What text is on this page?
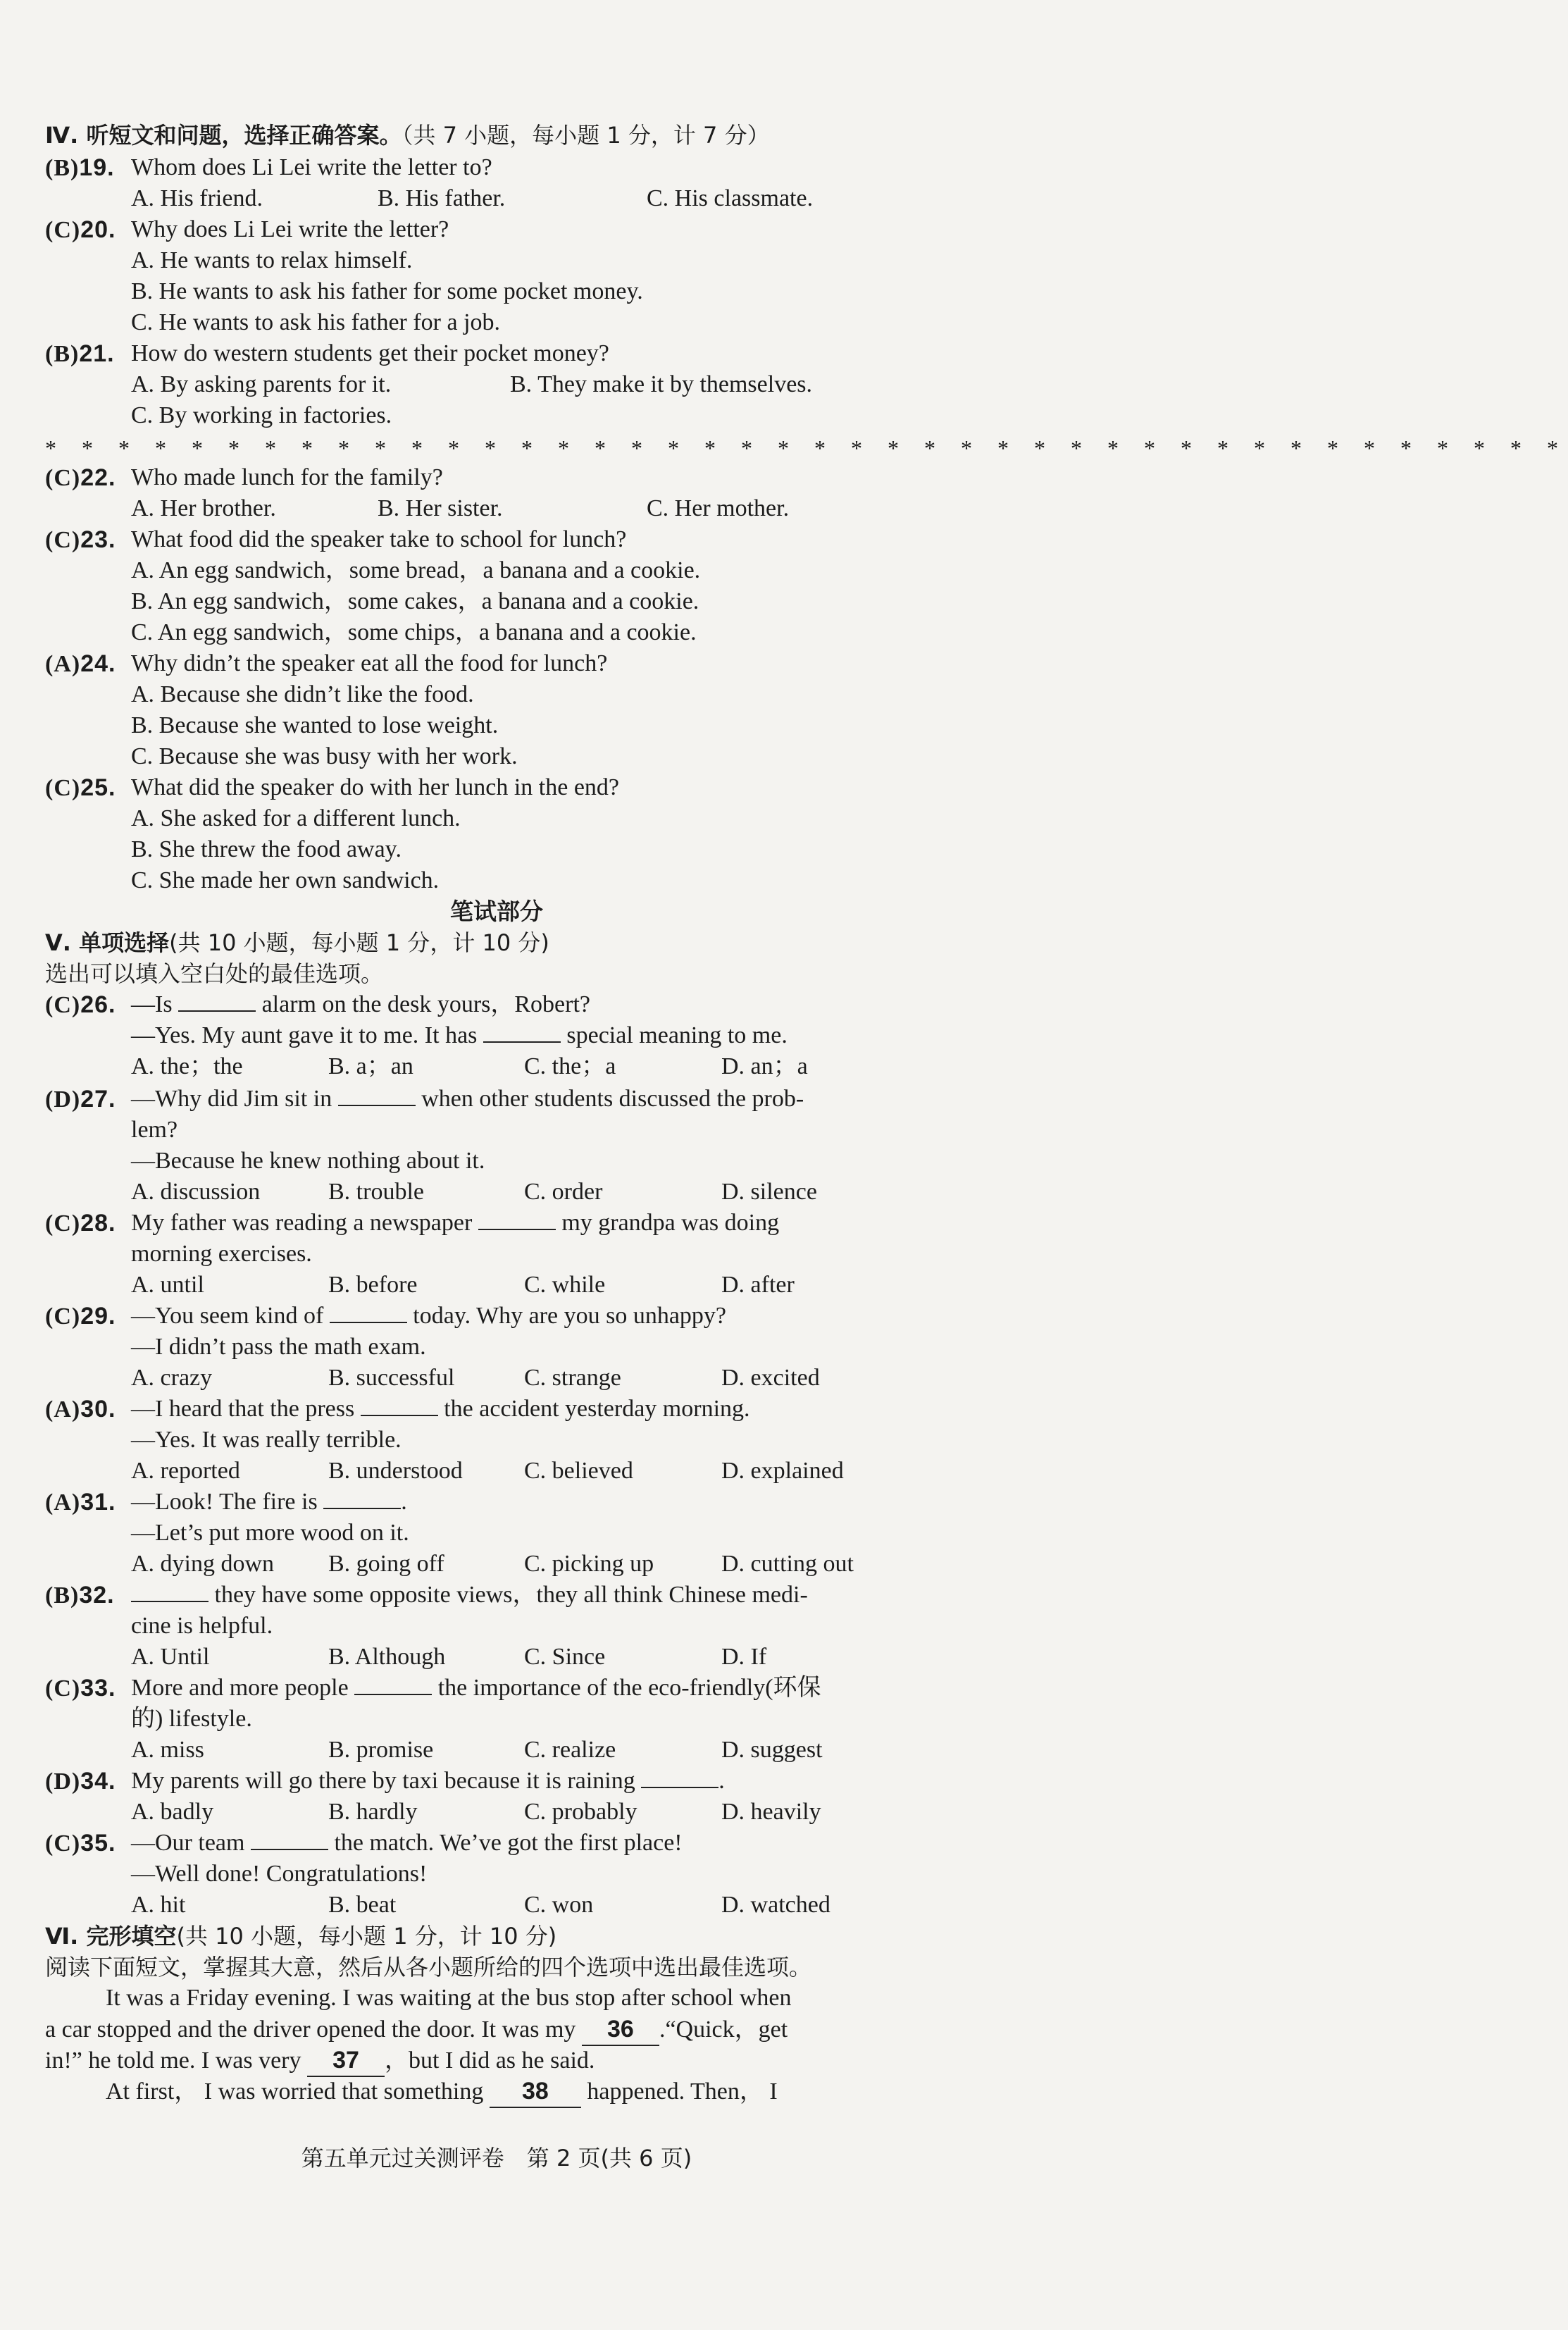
Ⅳ. 听短文和问题，选择正确答案。（共 7 小题，每小题 1 分，计 7 分）
(B)19. Whom does Li Lei write the letter to?
A. His friend.	B. His father.	C. His classmate.
(C)20. Why does Li Lei write the letter?
A. He wants to relax himself.
B. He wants to ask his father for some pocket money.
C. He wants to ask his father for a job.
(B)21. How do western students get their pocket money?
A. By asking parents for it.	B. They make it by themselves.
C. By working in factories.
* * * * * * * * * * * * * * * * * * * * * * * * * * * * * * * * * * * * * * * * * *
(C)22. Who made lunch for the family?
A. Her brother.	B. Her sister.	C. Her mother.
(C)23. What food did the speaker take to school for lunch?
A. An egg sandwich，some bread，a banana and a cookie.
B. An egg sandwich，some cakes，a banana and a cookie.
C. An egg sandwich，some chips，a banana and a cookie.
(A)24. Why didn’t the speaker eat all the food for lunch?
A. Because she didn’t like the food.
B. Because she wanted to lose weight.
C. Because she was busy with her work.
(C)25. What did the speaker do with her lunch in the end?
A. She asked for a different lunch.
B. She threw the food away.
C. She made her own sandwich.
笔试部分
Ⅴ. 单项选择(共 10 小题，每小题 1 分，计 10 分)
选出可以填入空白处的最佳选项。
(C)26. —Is	alarm on the desk yours，Robert?
—Yes. My aunt gave it to me. It has	special meaning to me.
A. the；the	B. a；an	C. the；a	D. an；a
(D)27. —Why did Jim sit in	when other students discussed the prob-
lem?
—Because he knew nothing about it.
A. discussion	B. trouble	C. order	D. silence
(C)28. My father was reading a newspaper	my grandpa was doing
morning exercises.
A. until	B. before	C. while	D. after
(C)29. —You seem kind of	today. Why are you so unhappy?
—I didn’t pass the math exam.
A. crazy	B. successful	C. strange	D. excited
(A)30. —I heard that the press	the accident yesterday morning.
—Yes. It was really terrible.
A. reported	B. understood	C. believed	D. explained
(A)31. —Look! The fire is	.
—Let’s put more wood on it.
A. dying down B. going off	C. picking up	D. cutting out
(B)32.	they have some opposite views，they all think Chinese medi-
cine is helpful.
A. Until	B. Although	C. Since	D. If
(C)33. More and more people	the importance of the eco-friendly(环保
的) lifestyle.
A. miss	B. promise	C. realize	D. suggest
(D)34. My parents will go there by taxi because it is raining	.
A. badly	B. hardly	C. probably	D. heavily
(C)35. —Our team	the match. We’ve got the first place!
—Well done! Congratulations!
A. hit	B. beat	C. won	D. watched
Ⅵ. 完形填空(共 10 小题，每小题 1 分，计 10 分)
阅读下面短文，掌握其大意，然后从各小题所给的四个选项中选出最佳选项。
It was a Friday evening. I was waiting at the bus stop after school when
a car stopped and the driver opened the door. It was my 36 .“Quick，get
in!” he told me. I was very 37 ，but I did as he said.
At first， I was worried that something 38 happened. Then， I
第五单元过关测评卷　第 2 页(共 6 页)
